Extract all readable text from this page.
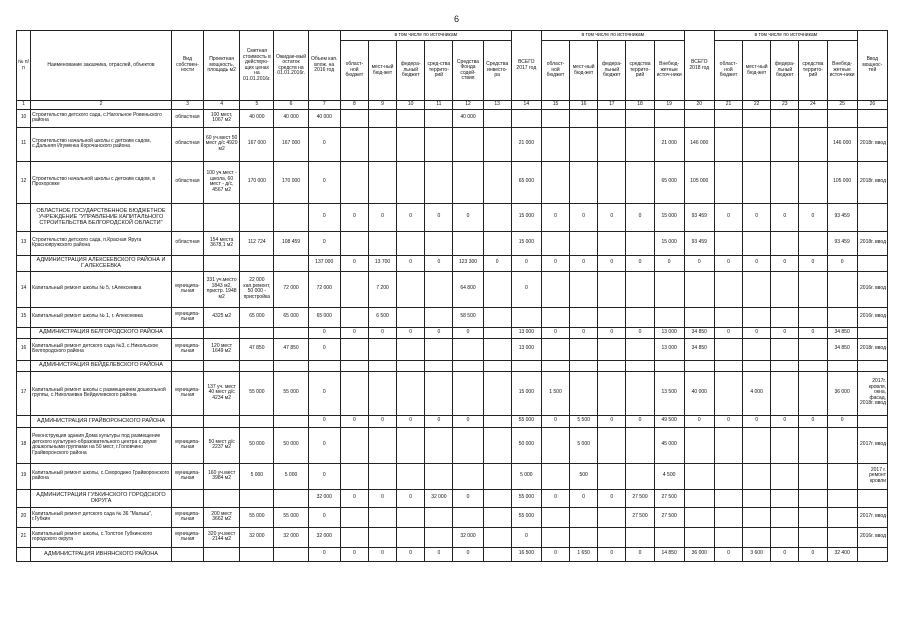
6
№ п/п	Наименование заказчика, отраслей, объектов	Вид собствен-ности	Проектная мощность, площадь м2	Сметная стоимость в действую-щих ценах на 01.01.2016г.	Ожидае-мый остаток средств на 01.01.2016г.	Объем кап. влож. на 2016 год	в том числе по источникам						ВСЕГО 2017 год	в том числе по источникам					ВСЕГО 2018 год	в том числе по источникам					Ввод мощнос-тей
							област-ной бюджет	мест-ный бюд-жет	федера-льный бюджет	сред-ства террито-рий	Средства Фонда содей-ствия	Средства инвесто-ра		област-ной бюджет	мест-ный бюд-жет	федера-льный бюджет	средства террито-рий	Внебюд-жетные источ-ники		област-ной бюджет	мест-ный бюд-жет	федера-льный бюджет	средства террито-рий	Внебюд-жетные источ-ники	
1	2	3	4	5	6	7	8	9	10	11	12	13	14	15	16	17	18	19	20	21	22	23	24	25	26
10	Строительство детского сада, с.Нагольное Ровеньского района	областная	100 мест, 1067 м2	40 000	40 000	40 000					40 000														
11	Строительство начальной школы с детским садом, с.Дальняя Игуменка Корочанского района	областная	60 уч.мест 50 мест д/с 4920 м2	167 000	167 000	0							21 000					21 000	146 000					146 000	2018г. ввод
12	Строительство начальной школы с детским садом, в Прохоровке	областная	100 уч.мест - школа, 60 мест - д/с, 4567 м2	170 000	170 000	0							65 000					65 000	105 000					105 000	2018г. ввод
	ОБЛАСТНОЕ ГОСУДАРСТВЕННОЕ БЮДЖЕТНОЕ УЧРЕЖДЕНИЕ "УПРАВЛЕНИЕ КАПИТАЛЬНОГО СТРОИТЕЛЬСТВА БЕЛГОРОДСКОЙ ОБЛАСТИ"					0	0	0	0	0	0		15 000	0	0	0	0	15 000	93 459	0	0	0	0	93 459	
13	Строительство детского сада, п.Красная Яруга Краснояружского района	областная	154 места 3678,1 м2	112 724	108 459	0							15 000					15 000	93 459					93 459	2018г. ввод
	АДМИНИСТРАЦИЯ АЛЕКСЕЕВСКОГО РАЙОНА И Г.АЛЕКСЕЕВКА					137 000	0	13 700	0	0	123 300	0	0	0	0	0	0	0	0	0	0	0	0	0	
14	Капитальный ремонт школы № 5, г.Алексеевка	муниципа-льная	331 уч.место 1843 м2, пристр. 1948 м2	22 000 кап.ремонт, 50 000 - пристройка	72 000	72 000		7 200			64 800		0												2016г. ввод
15	Капитальный ремонт школы № 1, г. Алексеевка	муниципа-льная	4325 м2	65 000	65 000	65 000		6 500			58 500														2016г. ввод
	АДМИНИСТРАЦИЯ БЕЛГОРОДСКОГО РАЙОНА					0	0	0	0	0	0		13 000	0	0	0	0	13 000	34 850	0	0	0	0	34 850	
16	Капитальный ремонт детского сада №3, с.Никольское Белгородского района	муниципа-льная	120 мест 1649 м2	47 850	47 850	0							13 000					13 000	34 850					34 850	2018г. ввод
	АДМИНИСТРАЦИЯ ВЕЙДЕЛЕВСКОГО РАЙОНА																								
17	Капитальный ремонт школы с размещением дошкольной группы, с.Николаевка Вейделевского района	муниципа-льная	137 уч. мест 40 мест д/с 4234 м2	55 000	55 000	0							15 000	1 500				13 500	40 000		4 000			36 000	2017г. кровля, окна, фасад, 2018г. ввод
	АДМИНИСТРАЦИЯ ГРАЙВОРОНСКОГО РАЙОНА					0	0	0	0	0	0		55 000	0	5 500	0	0	49 500	0	0	0	0	0	0	
18	Реконструкция здания Дома культуры под размещение детского культурно-образовательного центра с двумя дошкольными группами на 50 мест, г.Головчино Грайворонского района	муниципа-льная	50 мест д/с 2237 м2	50 000	50 000	0							50 000		5 000			45 000							2017г. ввод
19	Капитальный ремонт школы, с.Смородино Грайворонского района	муниципа-льная	160 уч.мест 3984 м2	5 000	5 000	0							5 000		500			4 500							2017 г. ремонт кровли
	АДМИНИСТРАЦИЯ ГУБКИНСКОГО ГОРОДСКОГО ОКРУГА					32 000	0	0	0	32 000	0		55 000	0	0	0	27 500	27 500							
20	Капитальный ремонт детского сада № 36 "Малыш", г.Губкин	муниципа-льная	200 мест 3662 м2	55 000	55 000	0							55 000				27 500	27 500							2017г. ввод
21	Капитальный ремонт школы, с.Толстое Губкинского городского округа	муниципа-льная	320 уч.мест 2144 м2	32 000	32 000	32 000					32 000		0												2016г. ввод
	АДМИНИСТРАЦИЯ ИВНЯНСКОГО РАЙОНА					0	0	0	0	0	0		16 500	0	1 650	0	0	14 850	36 000	0	3 600	0	0	32 400	
